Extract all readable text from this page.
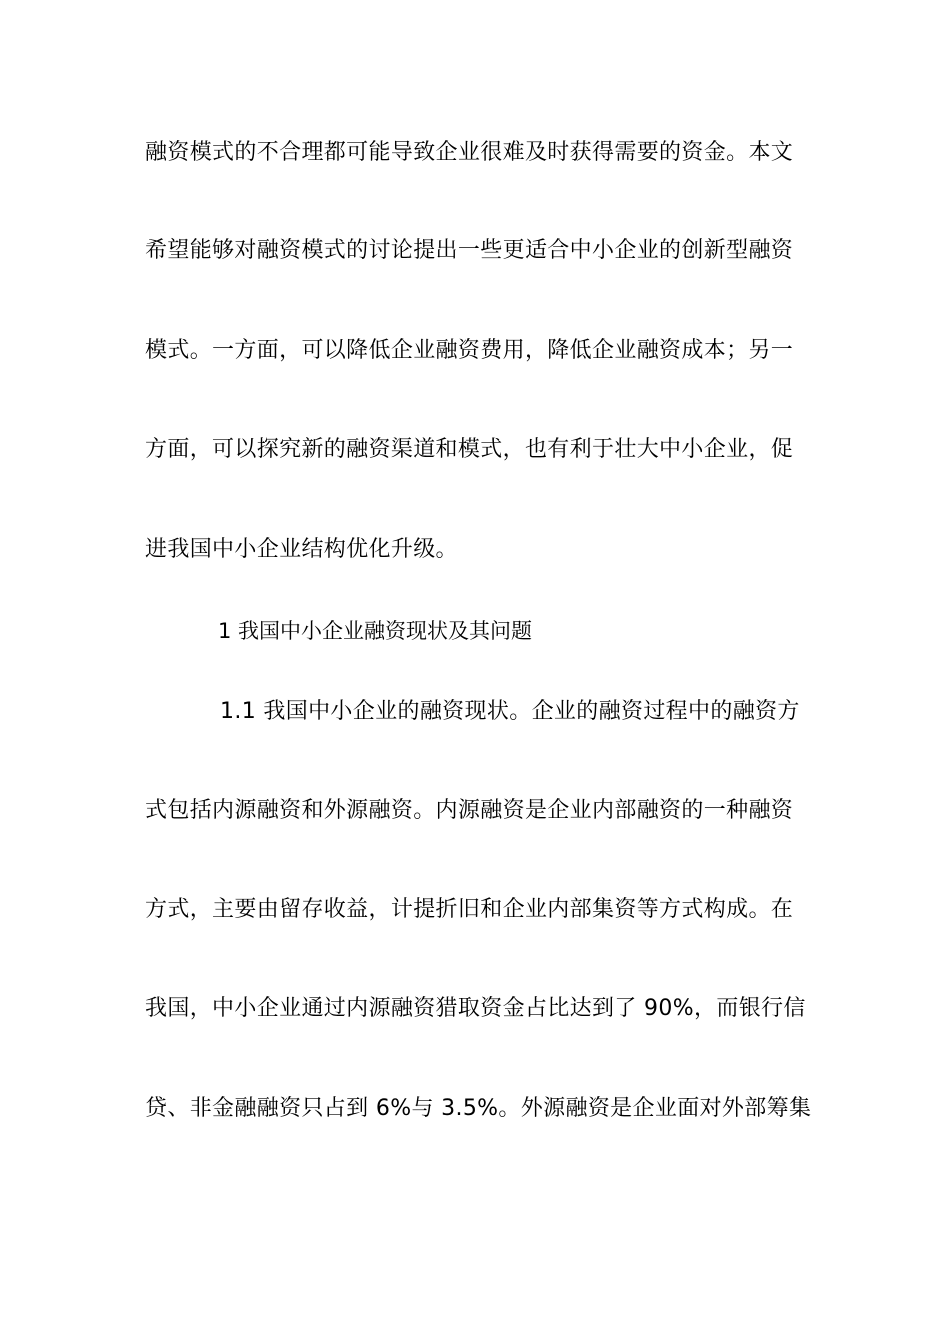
融资模式的不合理都可能导致企业很难及时获得需要的资金。本文
希望能够对融资模式的讨论提出一些更适合中小企业的创新型融资
模式。一方面，可以降低企业融资费用，降低企业融资成本；另一
方面，可以探究新的融资渠道和模式，也有利于壮大中小企业，促
进我国中小企业结构优化升级。
1 我国中小企业融资现状及其问题
1.1 我国中小企业的融资现状。企业的融资过程中的融资方
式包括内源融资和外源融资。内源融资是企业内部融资的一种融资
方式，主要由留存收益，计提折旧和企业内部集资等方式构成。在
我国，中小企业通过内源融资猎取资金占比达到了 90%，而银行信
贷、非金融融资只占到 6%与 3.5%。外源融资是企业面对外部筹集
